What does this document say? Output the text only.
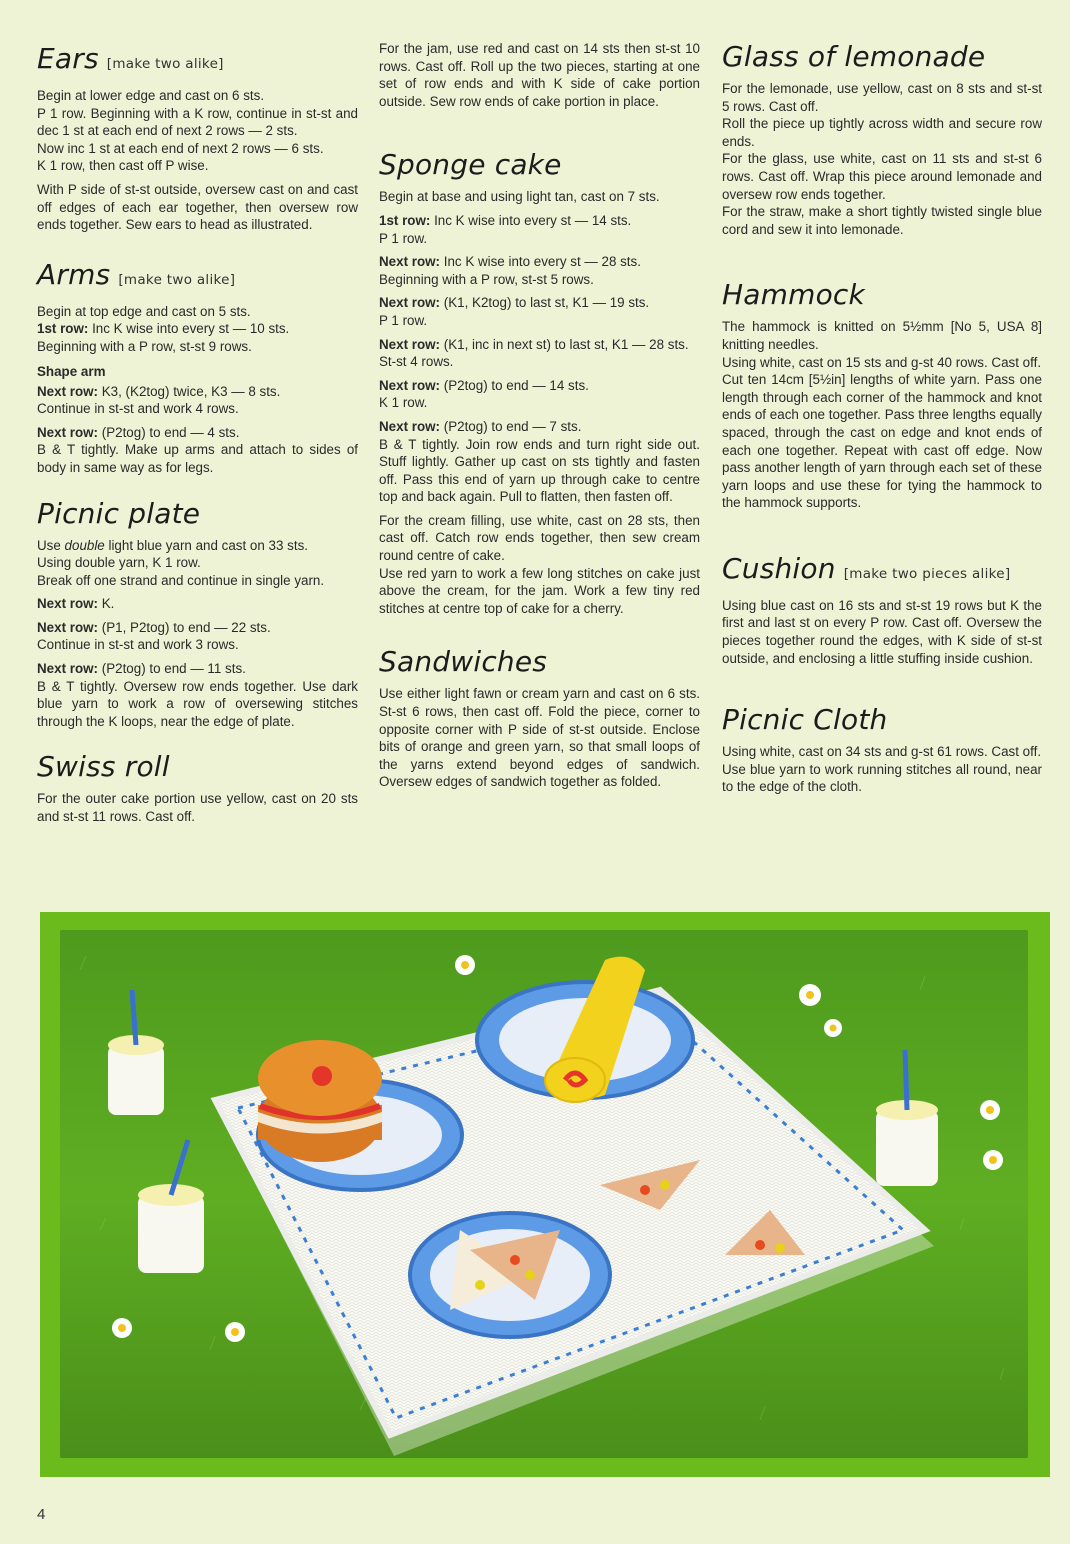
Ears [make two alike]

Begin at lower edge and cast on 6 sts.

P 1 row. Beginning with a K row, continue in st-st and dec 1 st at each end of next 2 rows — 2 sts.

Now inc 1 st at each end of next 2 rows — 6 sts.

K 1 row, then cast off P wise.

With P side of st-st outside, oversew cast on and cast off edges of each ear together, then oversew row ends together. Sew ears to head as illustrated.

Arms [make two alike]

Begin at top edge and cast on 5 sts.

1st row: Inc K wise into every st — 10 sts.

Beginning with a P row, st-st 9 rows.

Shape arm

Next row: K3, (K2tog) twice, K3 — 8 sts.

Continue in st-st and work 4 rows.

Next row: (P2tog) to end — 4 sts.

B & T tightly. Make up arms and attach to sides of body in same way as for legs.

Picnic plate

Use double light blue yarn and cast on 33 sts.

Using double yarn, K 1 row.

Break off one strand and continue in single yarn.

Next row: K.

Next row: (P1, P2tog) to end — 22 sts.

Continue in st-st and work 3 rows.

Next row: (P2tog) to end — 11 sts.

B & T tightly. Oversew row ends together. Use dark blue yarn to work a row of oversewing stitches through the K loops, near the edge of plate.

Swiss roll

For the outer cake portion use yellow, cast on 20 sts and st-st 11 rows. Cast off.

For the jam, use red and cast on 14 sts then st-st 10 rows. Cast off. Roll up the two pieces, starting at one set of row ends and with K side of cake portion outside. Sew row ends of cake portion in place.

Sponge cake

Begin at base and using light tan, cast on 7 sts.

1st row: Inc K wise into every st — 14 sts.

P 1 row.

Next row: Inc K wise into every st — 28 sts.

Beginning with a P row, st-st 5 rows.

Next row: (K1, K2tog) to last st, K1 — 19 sts.

P 1 row.

Next row: (K1, inc in next st) to last st, K1 — 28 sts.

St-st 4 rows.

Next row: (P2tog) to end — 14 sts.

K 1 row.

Next row: (P2tog) to end — 7 sts.

B & T tightly. Join row ends and turn right side out. Stuff lightly. Gather up cast on sts tightly and fasten off. Pass this end of yarn up through cake to centre top and back again. Pull to flatten, then fasten off.

For the cream filling, use white, cast on 28 sts, then cast off. Catch row ends together, then sew cream round centre of cake.

Use red yarn to work a few long stitches on cake just above the cream, for the jam. Work a few tiny red stitches at centre top of cake for a cherry.

Sandwiches

Use either light fawn or cream yarn and cast on 6 sts. St-st 6 rows, then cast off. Fold the piece, corner to opposite corner with P side of st-st outside. Enclose bits of orange and green yarn, so that small loops of the yarns extend beyond edges of sandwich. Oversew edges of sandwich together as folded.

Glass of lemonade

For the lemonade, use yellow, cast on 8 sts and st-st 5 rows. Cast off.

Roll the piece up tightly across width and secure row ends.

For the glass, use white, cast on 11 sts and st-st 6 rows. Cast off. Wrap this piece around lemonade and oversew row ends together.

For the straw, make a short tightly twisted single blue cord and sew it into lemonade.

Hammock

The hammock is knitted on 5½mm [No 5, USA 8] knitting needles.

Using white, cast on 15 sts and g-st 40 rows. Cast off.

Cut ten 14cm [5½in] lengths of white yarn. Pass one length through each corner of the hammock and knot ends of each one together. Pass three lengths equally spaced, through the cast on edge and knot ends of each one together. Repeat with cast off edge. Now pass another length of yarn through each set of these yarn loops and use these for tying the hammock to the hammock supports.

Cushion [make two pieces alike]

Using blue cast on 16 sts and st-st 19 rows but K the first and last st on every P row. Cast off. Oversew the pieces together round the edges, with K side of st-st outside, and enclosing a little stuffing inside cushion.

Picnic Cloth

Using white, cast on 34 sts and g-st 61 rows. Cast off.

Use blue yarn to work running stitches all round, near to the edge of the cloth.

4
